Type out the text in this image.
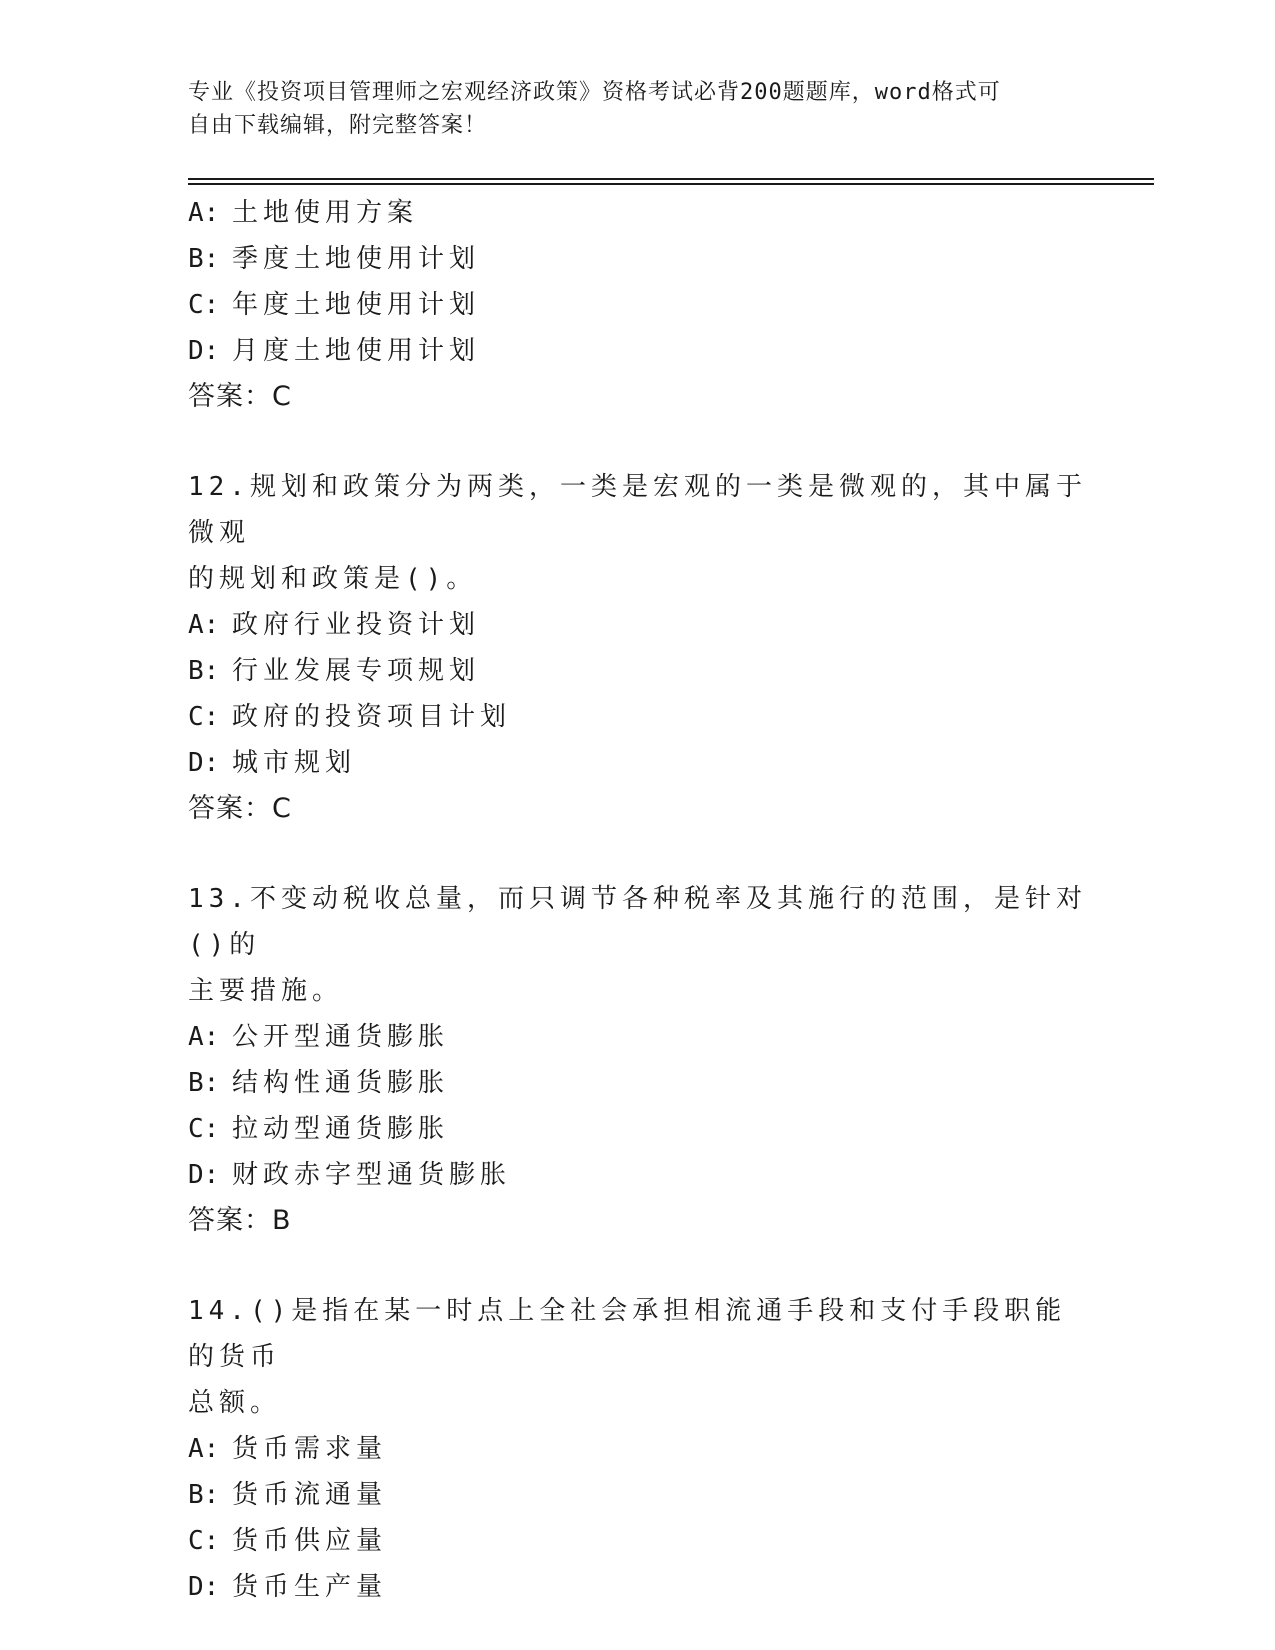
专业《投资项目管理师之宏观经济政策》资格考试必背200题题库，word格式可
自由下载编辑，附完整答案！
A: 土地使用方案
B: 季度土地使用计划
C: 年度土地使用计划
D: 月度土地使用计划
答案：C
12.规划和政策分为两类，一类是宏观的一类是微观的，其中属于微观
的规划和政策是()。
A: 政府行业投资计划
B: 行业发展专项规划
C: 政府的投资项目计划
D: 城市规划
答案：C
13.不变动税收总量，而只调节各种税率及其施行的范围，是针对()的
主要措施。
A: 公开型通货膨胀
B: 结构性通货膨胀
C: 拉动型通货膨胀
D: 财政赤字型通货膨胀
答案：B
14.()是指在某一时点上全社会承担相流通手段和支付手段职能的货币
总额。
A: 货币需求量
B: 货币流通量
C: 货币供应量
D: 货币生产量
